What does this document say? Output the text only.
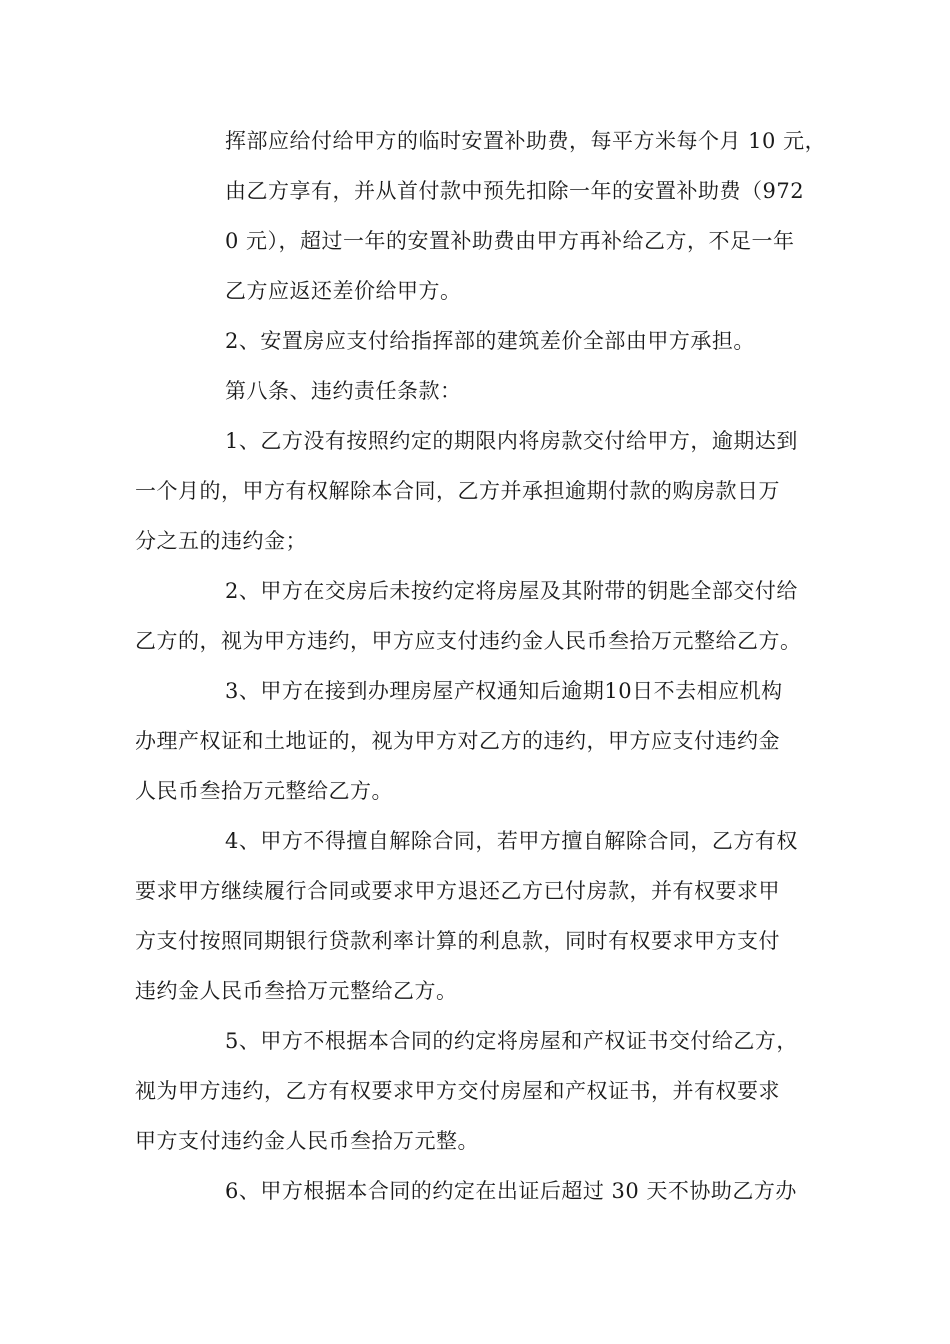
挥部应给付给甲方的临时安置补助费，每平方米每个月 10 元，
由乙方享有，并从首付款中预先扣除一年的安置补助费（972
0 元），超过一年的安置补助费由甲方再补给乙方，不足一年
乙方应返还差价给甲方。
2、安置房应支付给指挥部的建筑差价全部由甲方承担。
第八条、违约责任条款：
1、乙方没有按照约定的期限内将房款交付给甲方，逾期达到
一个月的，甲方有权解除本合同，乙方并承担逾期付款的购房款日万
分之五的违约金；
2、甲方在交房后未按约定将房屋及其附带的钥匙全部交付给
乙方的，视为甲方违约，甲方应支付违约金人民币叁拾万元整给乙方。
3、甲方在接到办理房屋产权通知后逾期10日不去相应机构
办理产权证和土地证的，视为甲方对乙方的违约，甲方应支付违约金
人民币叁拾万元整给乙方。
4、甲方不得擅自解除合同，若甲方擅自解除合同，乙方有权
要求甲方继续履行合同或要求甲方退还乙方已付房款，并有权要求甲
方支付按照同期银行贷款利率计算的利息款，同时有权要求甲方支付
违约金人民币叁拾万元整给乙方。
5、甲方不根据本合同的约定将房屋和产权证书交付给乙方，
视为甲方违约，乙方有权要求甲方交付房屋和产权证书，并有权要求
甲方支付违约金人民币叁拾万元整。
6、甲方根据本合同的约定在出证后超过 30 天不协助乙方办
